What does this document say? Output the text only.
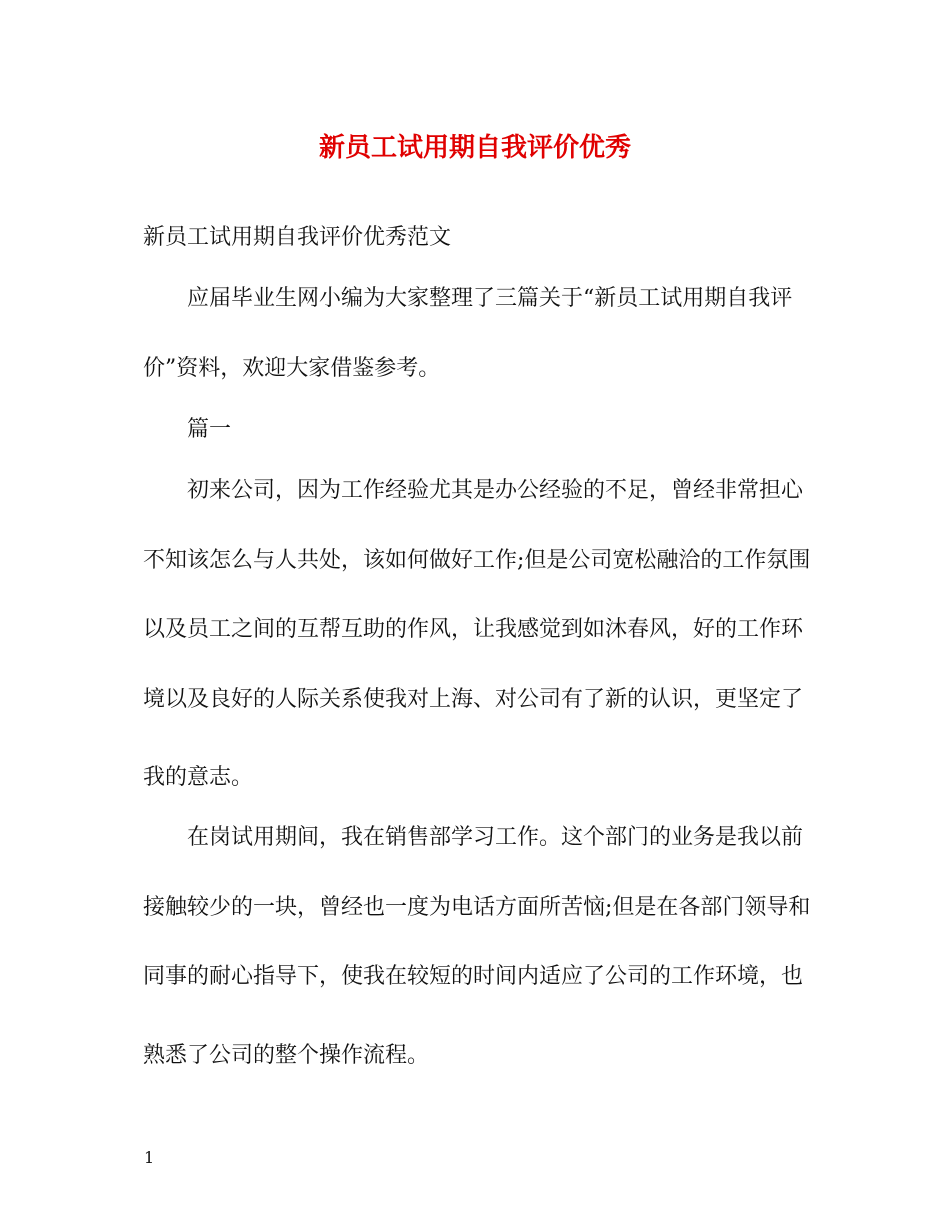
新员工试用期自我评价优秀
新员工试用期自我评价优秀范文
应届毕业生网小编为大家整理了三篇关于“新员工试用期自我评
价”资料，欢迎大家借鉴参考。
篇一
初来公司，因为工作经验尤其是办公经验的不足，曾经非常担心
不知该怎么与人共处，该如何做好工作;但是公司宽松融洽的工作氛围
以及员工之间的互帮互助的作风，让我感觉到如沐春风，好的工作环
境以及良好的人际关系使我对上海、对公司有了新的认识，更坚定了
我的意志。
在岗试用期间，我在销售部学习工作。这个部门的业务是我以前
接触较少的一块，曾经也一度为电话方面所苦恼;但是在各部门领导和
同事的耐心指导下，使我在较短的时间内适应了公司的工作环境，也
熟悉了公司的整个操作流程。
1
